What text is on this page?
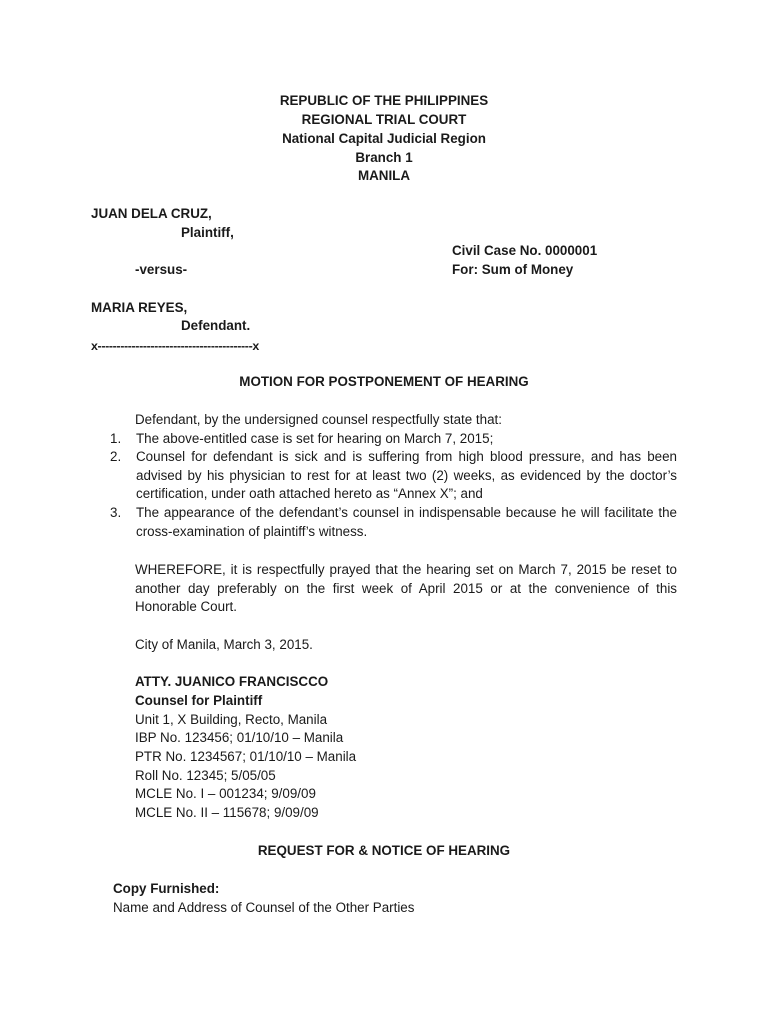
REPUBLIC OF THE PHILIPPINES
REGIONAL TRIAL COURT
National Capital Judicial Region
Branch 1
MANILA
JUAN DELA CRUZ,
Plaintiff,
Civil Case No. 0000001
-versus-	For: Sum of Money
MARIA REYES,
Defendant.
x-----------------------------------------x
MOTION FOR POSTPONEMENT OF HEARING
Defendant, by the undersigned counsel respectfully state that:
1.	The above-entitled case is set for hearing on March 7, 2015;
2.	Counsel for defendant is sick and is suffering from high blood pressure, and has been advised by his physician to rest for at least two (2) weeks, as evidenced by the doctor’s certification, under oath attached hereto as “Annex X”; and
3.	The appearance of the defendant’s counsel in indispensable because he will facilitate the cross-examination of plaintiff’s witness.
WHEREFORE, it is respectfully prayed that the hearing set on March 7, 2015 be reset to another day preferably on the first week of April 2015 or at the convenience of this Honorable Court.
City of Manila, March 3, 2015.
ATTY. JUANICO FRANCISCCO
Counsel for Plaintiff
Unit 1, X Building, Recto, Manila
IBP No. 123456; 01/10/10 – Manila
PTR No. 1234567; 01/10/10 – Manila
Roll No. 12345; 5/05/05
MCLE No. I – 001234; 9/09/09
MCLE No. II – 115678; 9/09/09
REQUEST FOR & NOTICE OF HEARING
Copy Furnished:
Name and Address of Counsel of the Other Parties
